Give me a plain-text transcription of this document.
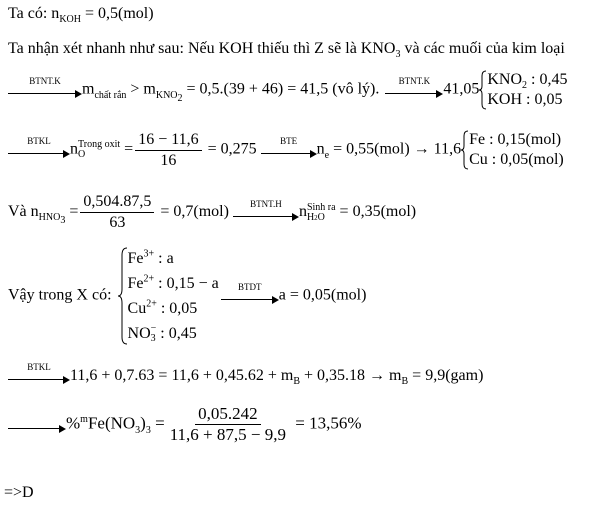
Ta có: $n_{KOH} = 0,5(mol)$
Ta nhận xét nhanh như sau: Nếu KOH thiếu thì Z sẽ là $KNO_3$ và các muối của kim loại
BTNT.K	$m_{chất rắn} > m_{KNO_2} = 0,5.(39 + 46) = 41,5$ (vô lý).	BTNT.K 41,05
$KNO_2$ : 0,45
KOH : 0,05
BTKL	n Trong oxit
O	= $\frac{16 - 11,6}{16} = 0,275$	BTE	$n_e = 0,55(mol) \to 11,6$
Fe : 0,15(mol)
Cu : 0,05(mol)
Và $n_{HNO_3} = \frac{0,504.87,5}{63} = 0,7(mol)$	BTNT.H	n Sinh ra
H2O = 0,35(mol)
Vậy trong X có:
$Fe^{3+}$ : a
$Fe^{2+}$ : 0,15 − a
$Cu^{2+}$ : 0,05
NO −
3 : 0,45
BTDT	a = 0,05(mol)
BTKL	$11,6 + 0,7.63 = 11,6 + 0,45.62 + m_B + 0,35.18 \to m_B = 9,9(gam)$
$\%^mFe(NO_3)_3 = \frac{0,05.242}{11,6 + 87,5 - 9,9} = 13,56\%$
=>D
